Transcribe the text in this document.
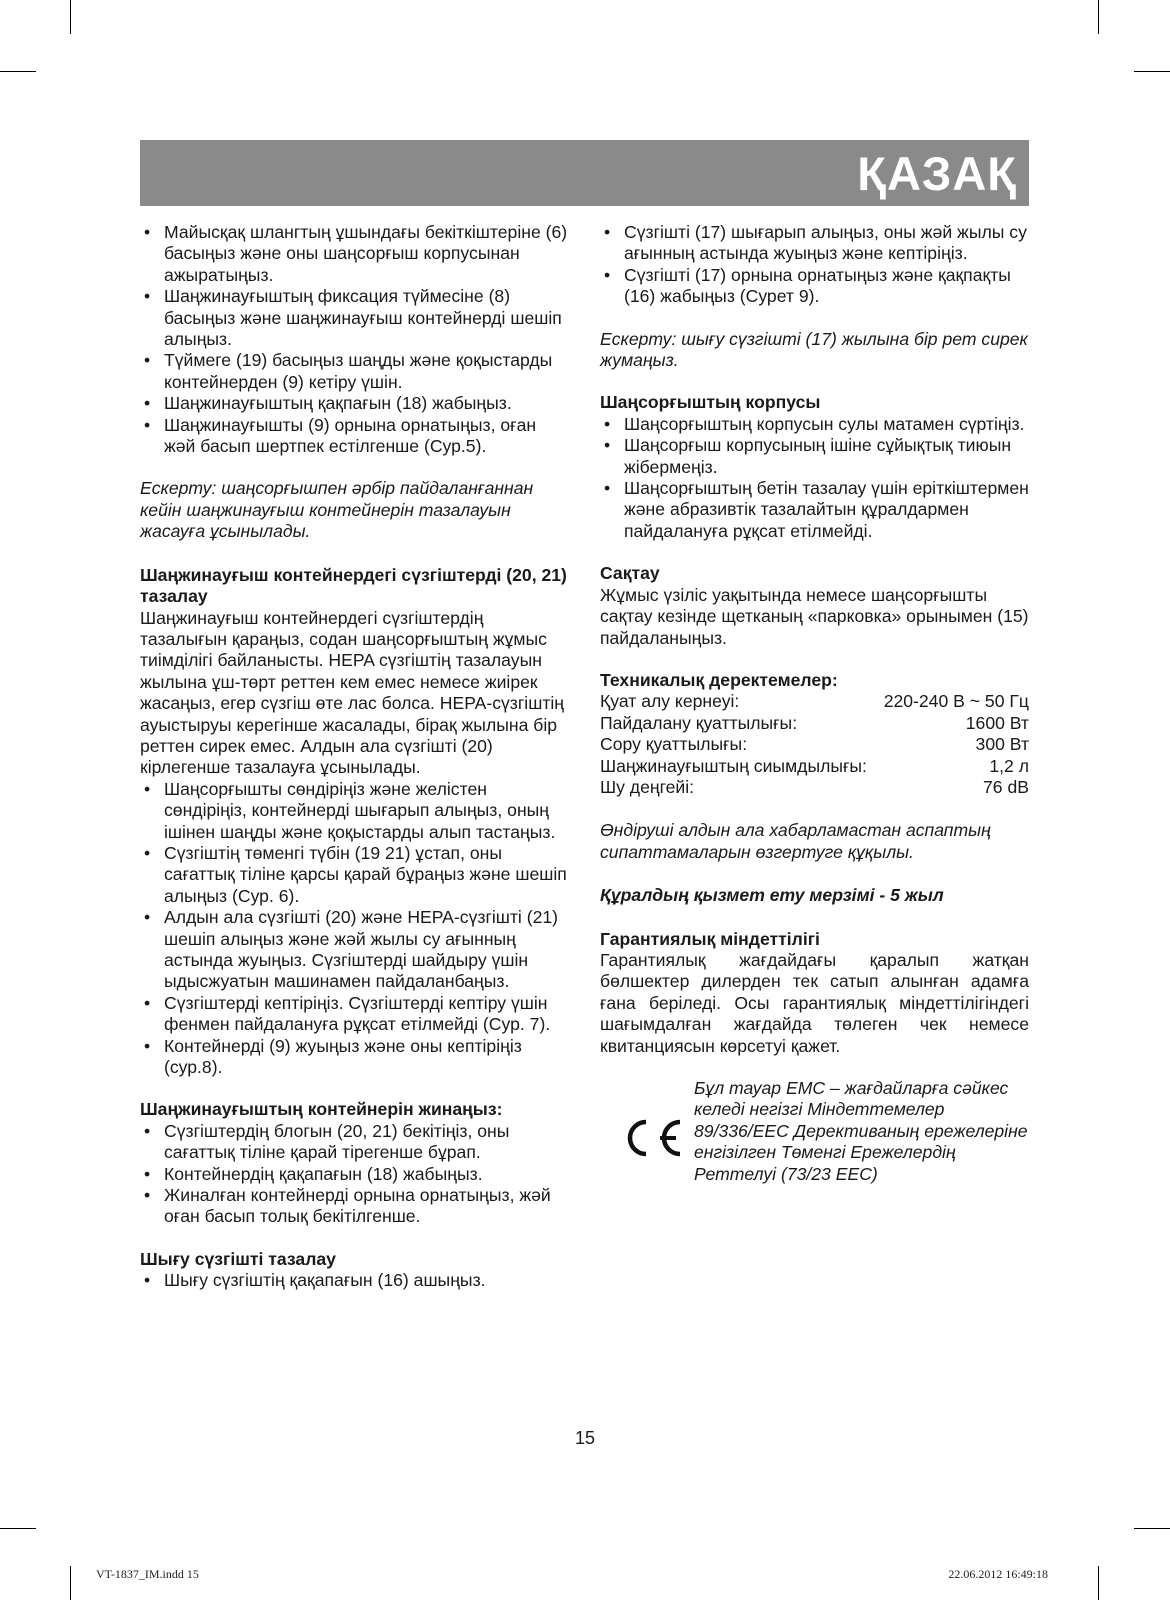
ҚАЗАҚ
• Майысқақ шлангтың ұшындағы бекіткіштеріне (6) басыңыз және оны шаңсорғыш корпусынан ажыратыңыз.
• Шаңжинауғыштың фиксация түймесіне (8) басыңыз және шаңжинауғыш контейнерді шешіп алыңыз.
• Түймеге (19) басыңыз шаңды және қоқыстарды контейнерден (9) кетіру үшін.
• Шаңжинауғыштың қақпағын (18) жабыңыз.
• Шаңжинауғышты (9) орнына орнатыңыз, оған жәй басып шертпек естілгенше (Сур.5).

Ескерту: шаңсорғышпен әрбір пайдаланғаннан кейін шаңжинауғыш контейнерін тазалауын жасауға ұсынылады.

Шаңжинауғыш контейнердегі сүзгіштерді (20, 21) тазалау

Шаңжинауғыш контейнердегі сүзгіштердің тазалығын қараңыз, содан шаңсорғыштың жұмыс тиімділігі байланысты. HEPA сүзгіштің тазалауын жылына ұш-төрт реттен кем емес немесе жиірек жасаңыз, егер сүзгіш өте лас болса. HEPA-сүзгіштің ауыстыруы керегінше жасалады, бірақ жылына бір реттен сирек емес. Алдын ала сүзгішті (20) кірлегенше тазалауға ұсынылады.

• Шаңсорғышты сөндіріңіз және желістен сөндіріңіз, контейнерді шығарып алыңыз, оның ішінен шаңды және қоқыстарды алып тастаңыз.
• Сүзгіштің төменгі түбін (19 21) ұстап, оны сағаттық тіліне қарсы қарай бұраңыз және шешіп алыңыз (Сур. 6).
• Алдын ала сүзгішті (20) және HEPA-сүзгішті (21) шешіп алыңыз және жәй жылы су ағынның астында жуыңыз. Сүзгіштерді шайдыру үшін ыдысжуатын машинамен пайдаланбаңыз.
• Сүзгіштерді кептіріңіз. Сүзгіштерді кептіру үшін фенмен пайдалануға рұқсат етілмейді (Сур. 7).
• Контейнерді (9) жуыңыз және оны кептіріңіз (сур.8).

Шаңжинауғыштың контейнерін жинаңыз:

• Сүзгіштердің блогын (20, 21) бекітіңіз, оны сағаттық тіліне қарай тірегенше бұрап.
• Контейнердің қақапағын (18) жабыңыз.
• Жиналған контейнерді орнына орнатыңыз, жәй оған басып толық бекітілгенше.

Шығу сүзгішті тазалау

• Шығу сүзгіштің қақапағын (16) ашыңыз.
• Сүзгішті (17) шығарып алыңыз, оны жәй жылы су ағынның астында жуыңыз және кептіріңіз.
• Сүзгішті (17) орнына орнатыңыз және қақпақты (16) жабыңыз (Сурет 9).

Ескерту: шығу сүзгішті (17) жылына бір рет сирек жумаңыз.

Шаңсорғыштың корпусы

• Шаңсорғыштың корпусын сулы матамен сүртіңіз.
• Шаңсорғыш корпусының ішіне сұйықтық тиюын жібермеңіз.
• Шаңсорғыштың бетін тазалау үшін еріткіштермен және абразивтік тазалайтын құралдармен пайдалануға рұқсат етілмейді.

Сақтау

Жұмыс үзіліс уақытында немесе шаңсорғышты сақтау кезінде щетканың «парковка» орынымен (15) пайдаланыңыз.

Техникалық деректемелер:

Қуат алу кернеуі:	220-240 В ~ 50 Гц
Пайдалану қуаттылығы:	1600 Вт
Сору қуаттылығы:	300 Вт
Шаңжинауғыштың сиымдылығы:	1,2 л
Шу деңгейі:	76 dB

Өндіруші алдын ала хабарламастан аспаптың сипаттамаларын өзгертуге құқылы.

Құралдың қызмет ету мерзімі - 5 жыл

Гарантиялық міндеттілігі

Гарантиялық жағдайдағы қаралып жатқан бөлшектер дилерден тек сатып алынған адамға ғана беріледі. Осы гарантиялық міндеттілігіндегі шағымдалған жағдайда төлеген чек немесе квитанциясын көрсетуі қажет.

Бұл тауар EMC – жағдайларға сәйкес келеді негізгі Міндеттемелер 89/336/EEC Дерективаның ережелеріне енгізілген Төменгі Ережелердің Реттелуі (73/23 EEC)

15
VT-1837_IM.indd 15	22.06.2012 16:49:18
